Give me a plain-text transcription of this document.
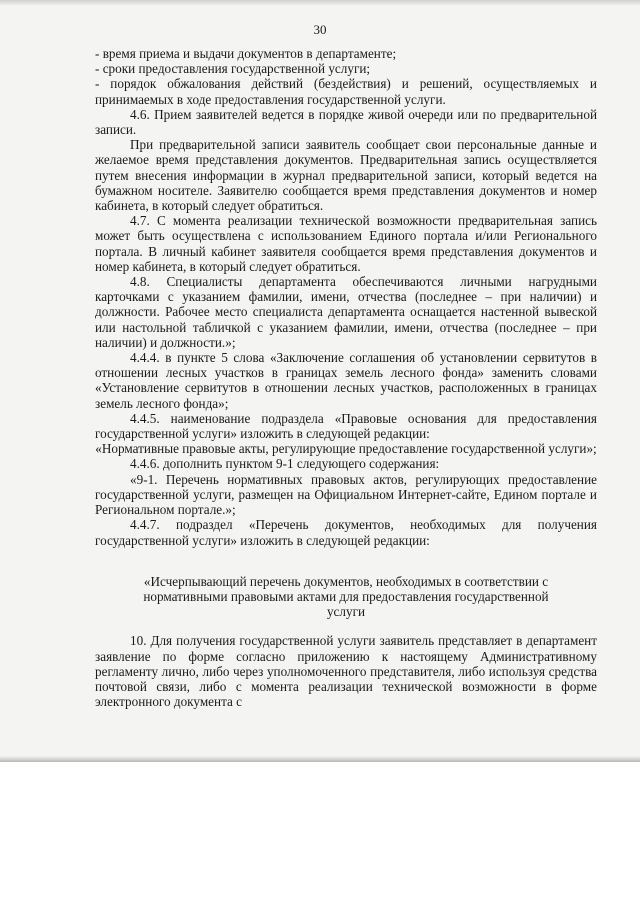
30

- время приема и выдачи документов в департаменте;

- сроки предоставления государственной услуги;

- порядок обжалования действий (бездействия) и решений, осуществляемых и принимаемых в ходе предоставления государственной услуги.

4.6. Прием заявителей ведется в порядке живой очереди или по предварительной записи.

При предварительной записи заявитель сообщает свои персональные данные и желаемое время представления документов. Предварительная запись осуществляется путем внесения информации в журнал предварительной записи, который ведется на бумажном носителе. Заявителю сообщается время представления документов и номер кабинета, в который следует обратиться.

4.7. С момента реализации технической возможности предварительная запись может быть осуществлена с использованием Единого портала и/или Регионального портала. В личный кабинет заявителя сообщается время представления документов и номер кабинета, в который следует обратиться.

4.8. Специалисты департамента обеспечиваются личными нагрудными карточками с указанием фамилии, имени, отчества (последнее – при наличии) и должности. Рабочее место специалиста департамента оснащается настенной вывеской или настольной табличкой с указанием фамилии, имени, отчества (последнее – при наличии) и должности.»;

4.4.4. в пункте 5 слова «Заключение соглашения об установлении сервитутов в отношении лесных участков в границах земель лесного фонда» заменить словами «Установление сервитутов в отношении лесных участков, расположенных в границах земель лесного фонда»;

4.4.5. наименование подраздела «Правовые основания для предоставления государственной услуги» изложить в следующей редакции:

«Нормативные правовые акты, регулирующие предоставление государственной услуги»;

4.4.6. дополнить пунктом 9-1 следующего содержания:

«9-1. Перечень нормативных правовых актов, регулирующих предоставление государственной услуги, размещен на Официальном Интернет-сайте, Едином портале и Региональном портале.»;

4.4.7. подраздел «Перечень документов, необходимых для получения государственной услуги» изложить в следующей редакции:

«Исчерпывающий перечень документов, необходимых в соответствии с нормативными правовыми актами для предоставления государственной услуги

10. Для получения государственной услуги заявитель представляет в департамент заявление по форме согласно приложению к настоящему Административному регламенту лично, либо через уполномоченного представителя, либо используя средства почтовой связи, либо с момента реализации технической возможности в форме электронного документа с
